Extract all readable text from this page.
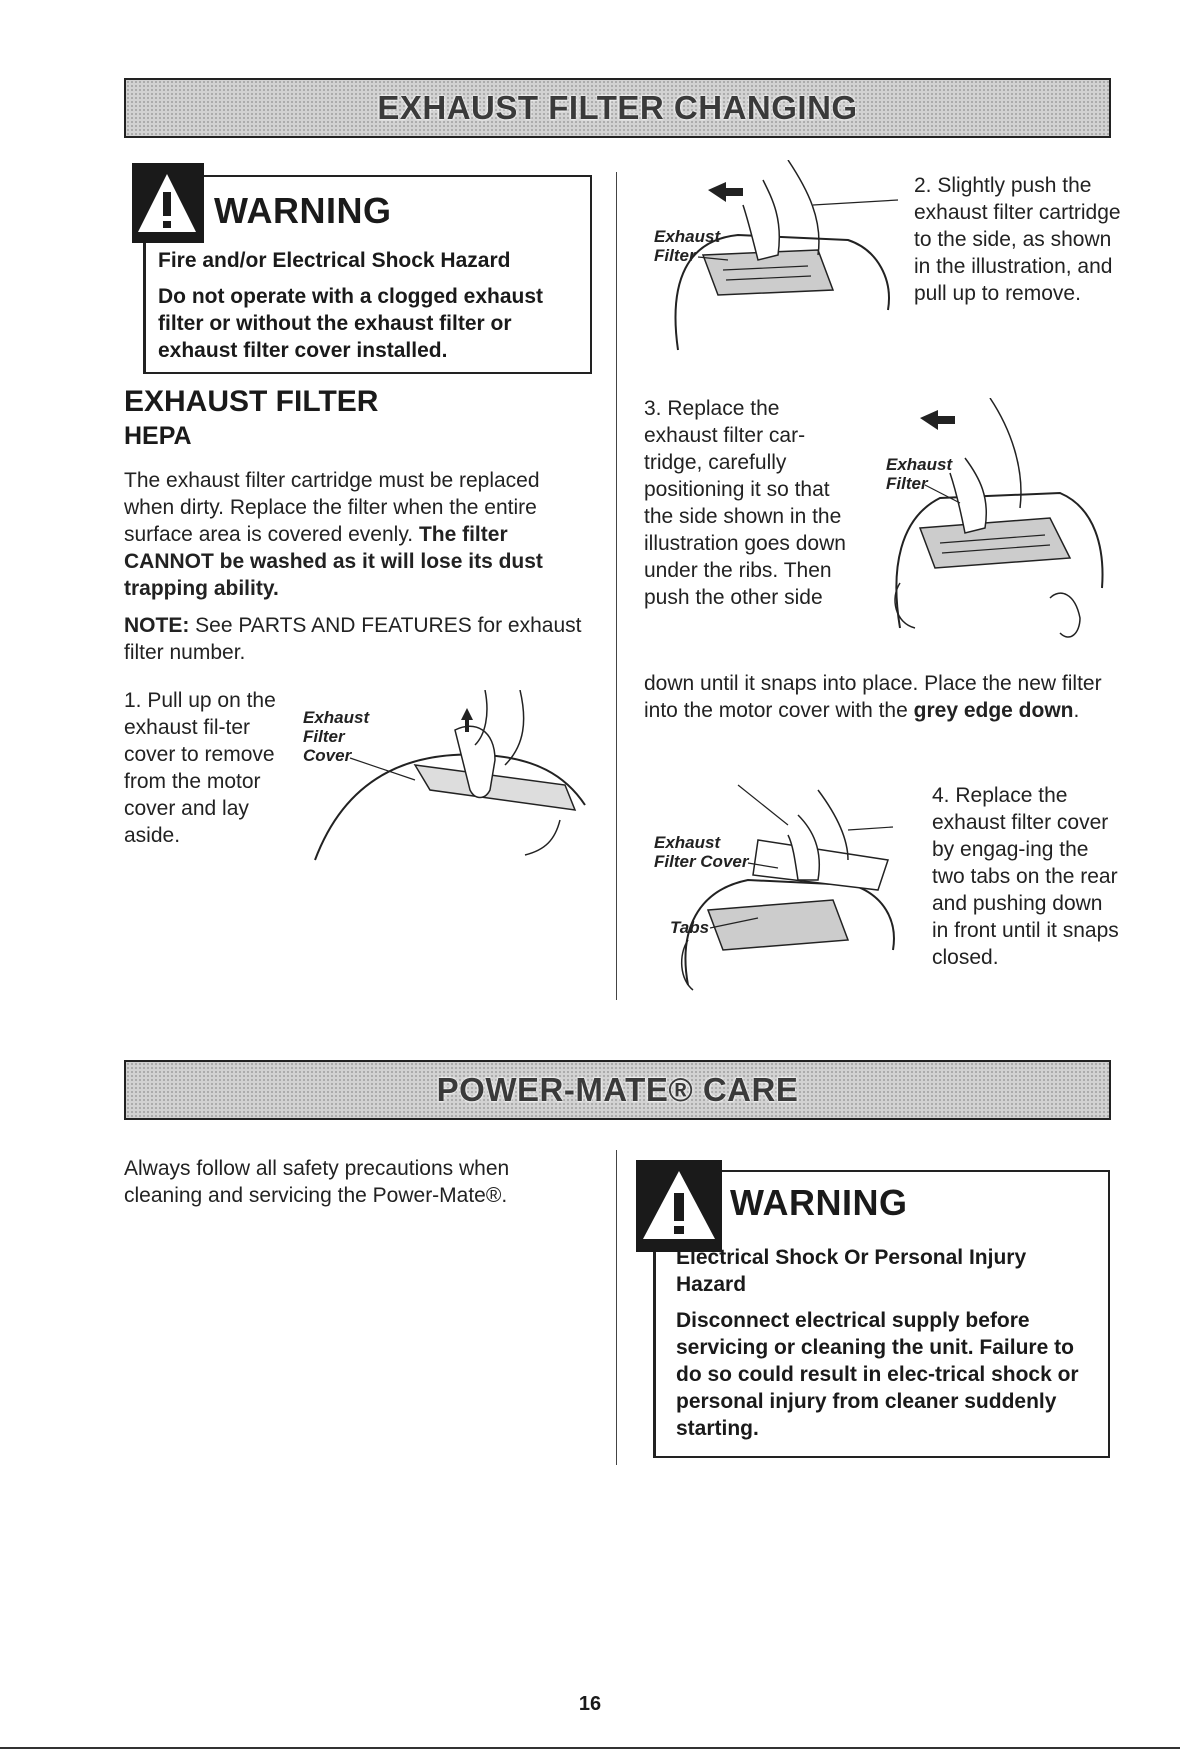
EXHAUST FILTER CHANGING
WARNING

Fire and/or Electrical Shock Hazard

Do not operate with a clogged exhaust filter or without the exhaust filter or exhaust filter cover installed.

EXHAUST FILTER
HEPA

The exhaust filter cartridge must be replaced when dirty. Replace the filter when the entire surface area is covered evenly. The filter CANNOT be washed as it will lose its dust trapping ability.

NOTE: See PARTS AND FEATURES for exhaust filter number.

1. Pull up on the exhaust fil-ter cover to remove from the motor cover and lay aside.
Exhaust
Filter
Cover
Exhaust
Filter
2. Slightly push the exhaust filter cartridge to the side, as shown in the illustration, and pull up to remove.
3. Replace the exhaust filter car-tridge, carefully positioning it so that the side shown in the illustration goes down under the ribs. Then push the other side
Exhaust
Filter
down until it snaps into place. Place the new filter into the motor cover with the grey edge down.
Exhaust
Filter Cover
Tabs
4. Replace the exhaust filter cover by engag-ing the two tabs on the rear and pushing down in front until it snaps closed.
POWER-MATE® CARE
Always follow all safety precautions when cleaning and servicing the Power-Mate®.	WARNING

Electrical Shock Or Personal Injury Hazard

Disconnect electrical supply before servicing or cleaning the unit. Failure to do so could result in elec-trical shock or personal injury from cleaner suddenly starting.

16
